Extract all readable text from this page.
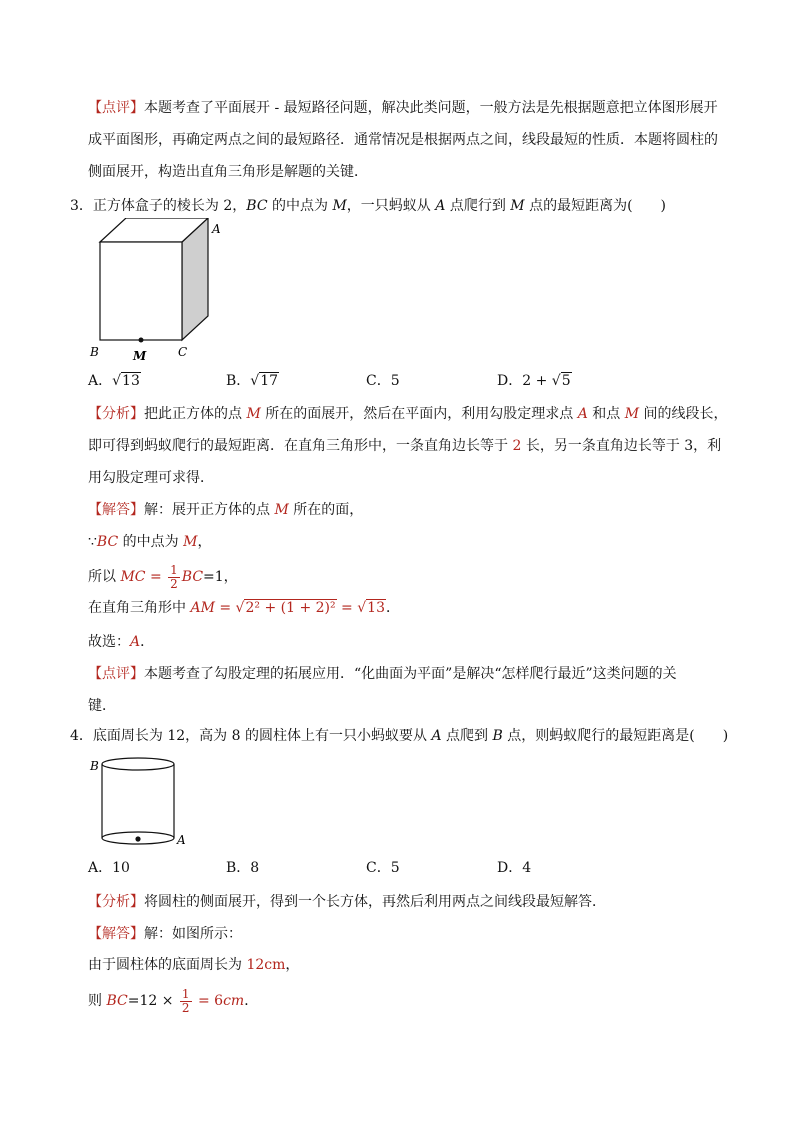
【点评】本题考查了平面展开 - 最短路径问题，解决此类问题，一般方法是先根据题意把立体图形展开
成平面图形，再确定两点之间的最短路径．通常情况是根据两点之间，线段最短的性质．本题将圆柱的
侧面展开，构造出直角三角形是解题的关键．
3．正方体盒子的棱长为 2，BC 的中点为 M，一只蚂蚁从 A 点爬行到 M 点的最短距离为(　　)
A
B	C
M
A．√13	B．√17	C．5	D．2 + √5
【分析】把此正方体的点 M 所在的面展开，然后在平面内，利用勾股定理求点 A 和点 M 间的线段长，
即可得到蚂蚁爬行的最短距离．在直角三角形中，一条直角边长等于 2 长，另一条直角边长等于 3，利
用勾股定理可求得．
【解答】解：展开正方体的点 M 所在的面，
∵BC 的中点为 M，
所以 MC = $\frac{1}{2} BC=1$，
在直角三角形中 AM = √2² + (1 + 2)² = √13．
故选：A．
【点评】本题考查了勾股定理的拓展应用．“化曲面为平面”是解决“怎样爬行最近”这类问题的关
键．
4．底面周长为 12，高为 8 的圆柱体上有一只小蚂蚁要从 A 点爬到 B 点，则蚂蚁爬行的最短距离是(　　)
B
A
A．10	B．8	C．5	D．4
【分析】将圆柱的侧面展开，得到一个长方体，再然后利用两点之间线段最短解答．
【解答】解：如图所示：
由于圆柱体的底面周长为 12cm，
则 $BC=12 \times \frac{1}{2} = 6cm$．
